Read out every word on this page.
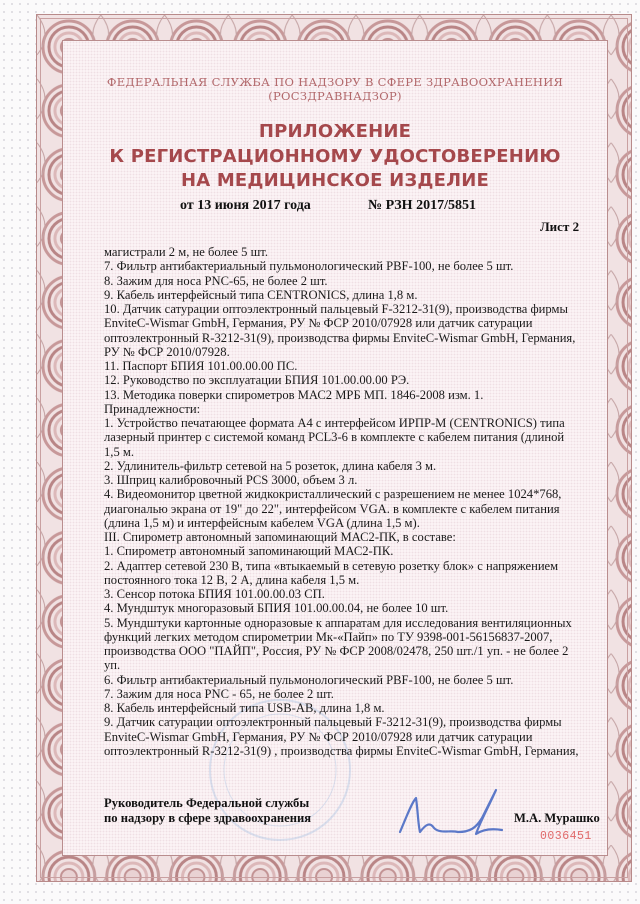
ФЕДЕРАЛЬНАЯ СЛУЖБА ПО НАДЗОРУ В СФЕРЕ ЗДРАВООХРАНЕНИЯ
(РОСЗДРАВНАДЗОР)
ПРИЛОЖЕНИЕ
К РЕГИСТРАЦИОННОМУ УДОСТОВЕРЕНИЮ
НА МЕДИЦИНСКОЕ ИЗДЕЛИЕ
от 13 июня 2017 года	№ РЗН 2017/5851
Лист 2
магистрали 2 м, не более 5 шт.
7. Фильтр антибактериальный пульмонологический PBF-100, не более 5 шт.
8. Зажим для носа PNC-65, не более 2 шт.
9. Кабель интерфейсный типа CENTRONICS, длина 1,8 м.
10. Датчик сатурации оптоэлектронный пальцевый F-3212-31(9), производства фирмы
EnviteC-Wismar GmbH, Германия, РУ № ФСР 2010/07928 или датчик сатурации
оптоэлектронный R-3212-31(9), производства фирмы EnviteC-Wismar GmbH, Германия,
РУ № ФСР 2010/07928.
11. Паспорт БПИЯ 101.00.00.00 ПС.
12. Руководство по эксплуатации БПИЯ 101.00.00.00 РЭ.
13. Методика поверки спирометров МАС2 МРБ МП. 1846-2008 изм. 1.
Принадлежности:
1. Устройство печатающее формата А4 с интерфейсом ИРПР-М (CENTRONICS) типа
лазерный принтер с системой команд PCL3-6 в комплекте с кабелем питания (длиной
1,5 м.
2. Удлинитель-фильтр сетевой на 5 розеток, длина кабеля 3 м.
3. Шприц калибровочный PCS 3000, объем 3 л.
4. Видеомонитор цветной жидкокристаллический с разрешением не менее 1024*768,
диагональю экрана от 19" до 22", интерфейсом VGA. в комплекте с кабелем питания
(длина 1,5 м) и интерфейсным кабелем VGA (длина 1,5 м).
III. Спирометр автономный запоминающий МАС2-ПК, в составе:
1. Спирометр автономный запоминающий МАС2-ПК.
2. Адаптер сетевой 230 В, типа «втыкаемый в сетевую розетку блок» с напряжением
постоянного тока 12 В, 2 А, длина кабеля 1,5 м.
3. Сенсор потока БПИЯ 101.00.00.03 СП.
4. Мундштук многоразовый БПИЯ 101.00.00.04, не более 10 шт.
5. Мундштуки картонные одноразовые к аппаратам для исследования вентиляционных
функций легких методом спирометрии Мк-«Пайп» по ТУ 9398-001-56156837-2007,
производства ООО "ПАЙП", Россия, РУ № ФСР 2008/02478, 250 шт./1 уп. - не более 2
уп.
6. Фильтр антибактериальный пульмонологический PBF-100, не более 5 шт.
7. Зажим для носа PNC - 65, не более 2 шт.
8. Кабель интерфейсный типа USB-AB, длина 1,8 м.
9. Датчик сатурации оптоэлектронный пальцевый F-3212-31(9), производства фирмы
EnviteC-Wismar GmbH, Германия, РУ № ФСР 2010/07928 или датчик сатурации
оптоэлектронный R-3212-31(9) , производства фирмы EnviteC-Wismar GmbH, Германия,
Руководитель Федеральной службы
по надзору в сфере здравоохранения	М.А. Мурашко
0036451
